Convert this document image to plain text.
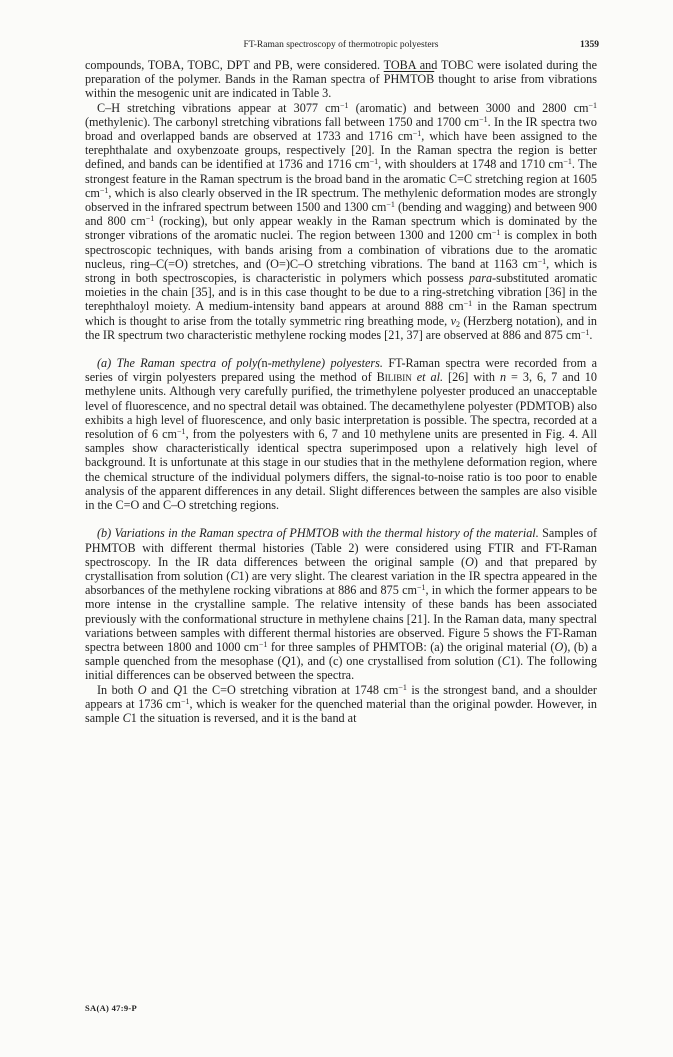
FT-Raman spectroscopy of thermotropic polyesters	1359

compounds, TOBA, TOBC, DPT and PB, were considered. TOBA and TOBC were isolated during the preparation of the polymer. Bands in the Raman spectra of PHMTOB thought to arise from vibrations within the mesogenic unit are indicated in Table 3.

C–H stretching vibrations appear at 3077 $cm^{-1}$ (aromatic) and between 3000 and 2800 $cm^{-1}$ (methylenic). The carbonyl stretching vibrations fall between 1750 and 1700 $cm^{-1}$. In the IR spectra two broad and overlapped bands are observed at 1733 and 1716 $cm^{-1}$, which have been assigned to the terephthalate and oxybenzoate groups, respectively [20]. In the Raman spectra the region is better defined, and bands can be identified at 1736 and 1716 $cm^{-1}$, with shoulders at 1748 and 1710 $cm^{-1}$. The strongest feature in the Raman spectrum is the broad band in the aromatic C=C stretching region at 1605 $cm^{-1}$, which is also clearly observed in the IR spectrum. The methylenic deformation modes are strongly observed in the infrared spectrum between 1500 and 1300 $cm^{-1}$ (bending and wagging) and between 900 and 800 $cm^{-1}$ (rocking), but only appear weakly in the Raman spectrum which is dominated by the stronger vibrations of the aromatic nuclei. The region between 1300 and 1200 $cm^{-1}$ is complex in both spectroscopic techniques, with bands arising from a combination of vibrations due to the aromatic nucleus, ring–C(=O) stretches, and (O=)C–O stretching vibrations. The band at 1163 $cm^{-1}$, which is strong in both spectroscopies, is characteristic in polymers which possess para-substituted aromatic moieties in the chain [35], and is in this case thought to be due to a ring-stretching vibration [36] in the terephthaloyl moiety. A medium-intensity band appears at around 888 $cm^{-1}$ in the Raman spectrum which is thought to arise from the totally symmetric ring breathing mode, $\nu_2$ (Herzberg notation), and in the IR spectrum two characteristic methylene rocking modes [21, 37] are observed at 886 and 875 $cm^{-1}$.

(a) The Raman spectra of poly(n-methylene) polyesters. FT-Raman spectra were recorded from a series of virgin polyesters prepared using the method of Bilibin et al. [26] with n = 3, 6, 7 and 10 methylene units. Although very carefully purified, the trimethylene polyester produced an unacceptable level of fluorescence, and no spectral detail was obtained. The decamethylene polyester (PDMTOB) also exhibits a high level of fluorescence, and only basic interpretation is possible. The spectra, recorded at a resolution of 6 $cm^{-1}$, from the polyesters with 6, 7 and 10 methylene units are presented in Fig. 4. All samples show characteristically identical spectra superimposed upon a relatively high level of background. It is unfortunate at this stage in our studies that in the methylene deformation region, where the chemical structure of the individual polymers differs, the signal-to-noise ratio is too poor to enable analysis of the apparent differences in any detail. Slight differences between the samples are also visible in the C=O and C–O stretching regions.

(b) Variations in the Raman spectra of PHMTOB with the thermal history of the material. Samples of PHMTOB with different thermal histories (Table 2) were considered using FTIR and FT-Raman spectroscopy. In the IR data differences between the original sample (O) and that prepared by crystallisation from solution (C1) are very slight. The clearest variation in the IR spectra appeared in the absorbances of the methylene rocking vibrations at 886 and 875 $cm^{-1}$, in which the former appears to be more intense in the crystalline sample. The relative intensity of these bands has been associated previously with the conformational structure in methylene chains [21]. In the Raman data, many spectral variations between samples with different thermal histories are observed. Figure 5 shows the FT-Raman spectra between 1800 and 1000 $cm^{-1}$ for three samples of PHMTOB: (a) the original material (O), (b) a sample quenched from the mesophase (Q1), and (c) one crystallised from solution (C1). The following initial differences can be observed between the spectra.

In both O and Q1 the C=O stretching vibration at 1748 $cm^{-1}$ is the strongest band, and a shoulder appears at 1736 $cm^{-1}$, which is weaker for the quenched material than the original powder. However, in sample C1 the situation is reversed, and it is the band at

SA(A) 47:9-P
